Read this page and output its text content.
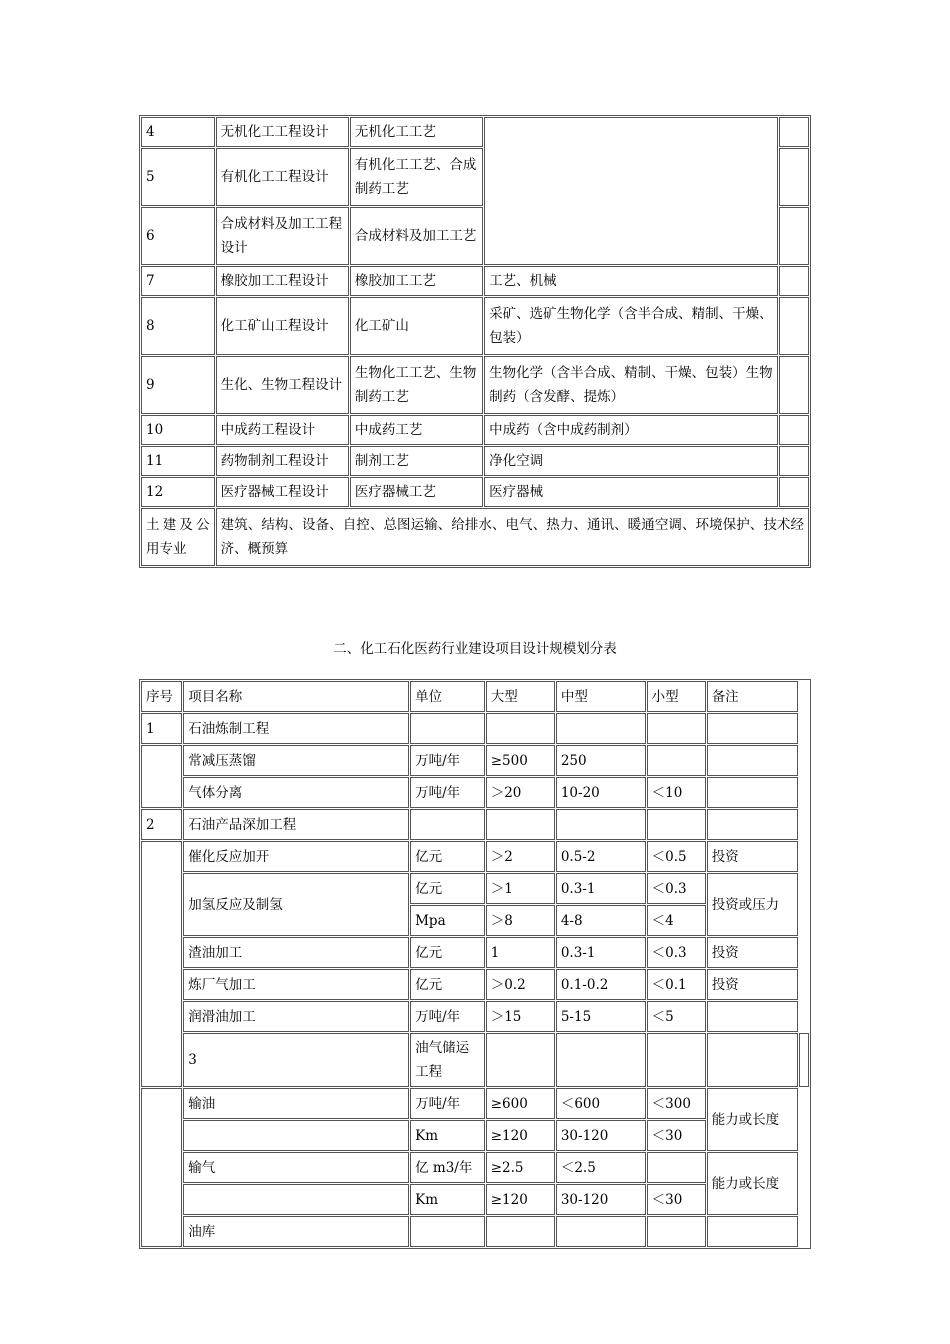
4	无机化工工程设计	无机化工工艺		
5	有机化工工程设计	有机化工工艺、合成制药工艺		
6	合成材料及加工工程设计	合成材料及加工工艺		
7	橡胶加工工程设计	橡胶加工工艺	工艺、机械	
8	化工矿山工程设计	化工矿山	采矿、选矿生物化学（含半合成、精制、干燥、包装）	
9	生化、生物工程设计	生物化工工艺、生物制药工艺	生物化学（含半合成、精制、干燥、包装）生物制药（含发酵、提炼）	
10	中成药工程设计	中成药工艺	中成药（含中成药制剂）	
11	药物制剂工程设计	制剂工艺	净化空调	
12	医疗器械工程设计	医疗器械工艺	医疗器械	
土建及公用专业	建筑、结构、设备、自控、总图运输、给排水、电气、热力、通讯、暖通空调、环境保护、技术经济、概预算			
二、化工石化医药行业建设项目设计规模划分表
序号	项目名称	单位	大型	中型	小型	备注	
1	石油炼制工程						
	常减压蒸馏	万吨/年	≥500	250			
	气体分离	万吨/年	＞20	10-20	＜10		
2	石油产品深加工程						
	催化反应加开	亿元	＞2	0.5-2	＜0.5	投资	
	加氢反应及制氢	亿元	＞1	0.3-1	＜0.3	投资或压力	
		Mpa	＞8	4-8	＜4		
	渣油加工	亿元	1	0.3-1	＜0.3	投资	
	炼厂气加工	亿元	＞0.2	0.1-0.2	＜0.1	投资	
	润滑油加工	万吨/年	＞15	5-15	＜5		
	3	油气储运工程					
	输油	万吨/年	≥600	＜600	＜300	能力或长度	
		Km	≥120	30-120	＜30		
	输气	亿 m3/年	≥2.5	＜2.5		能力或长度	
		Km	≥120	30-120	＜30		
	油库						
